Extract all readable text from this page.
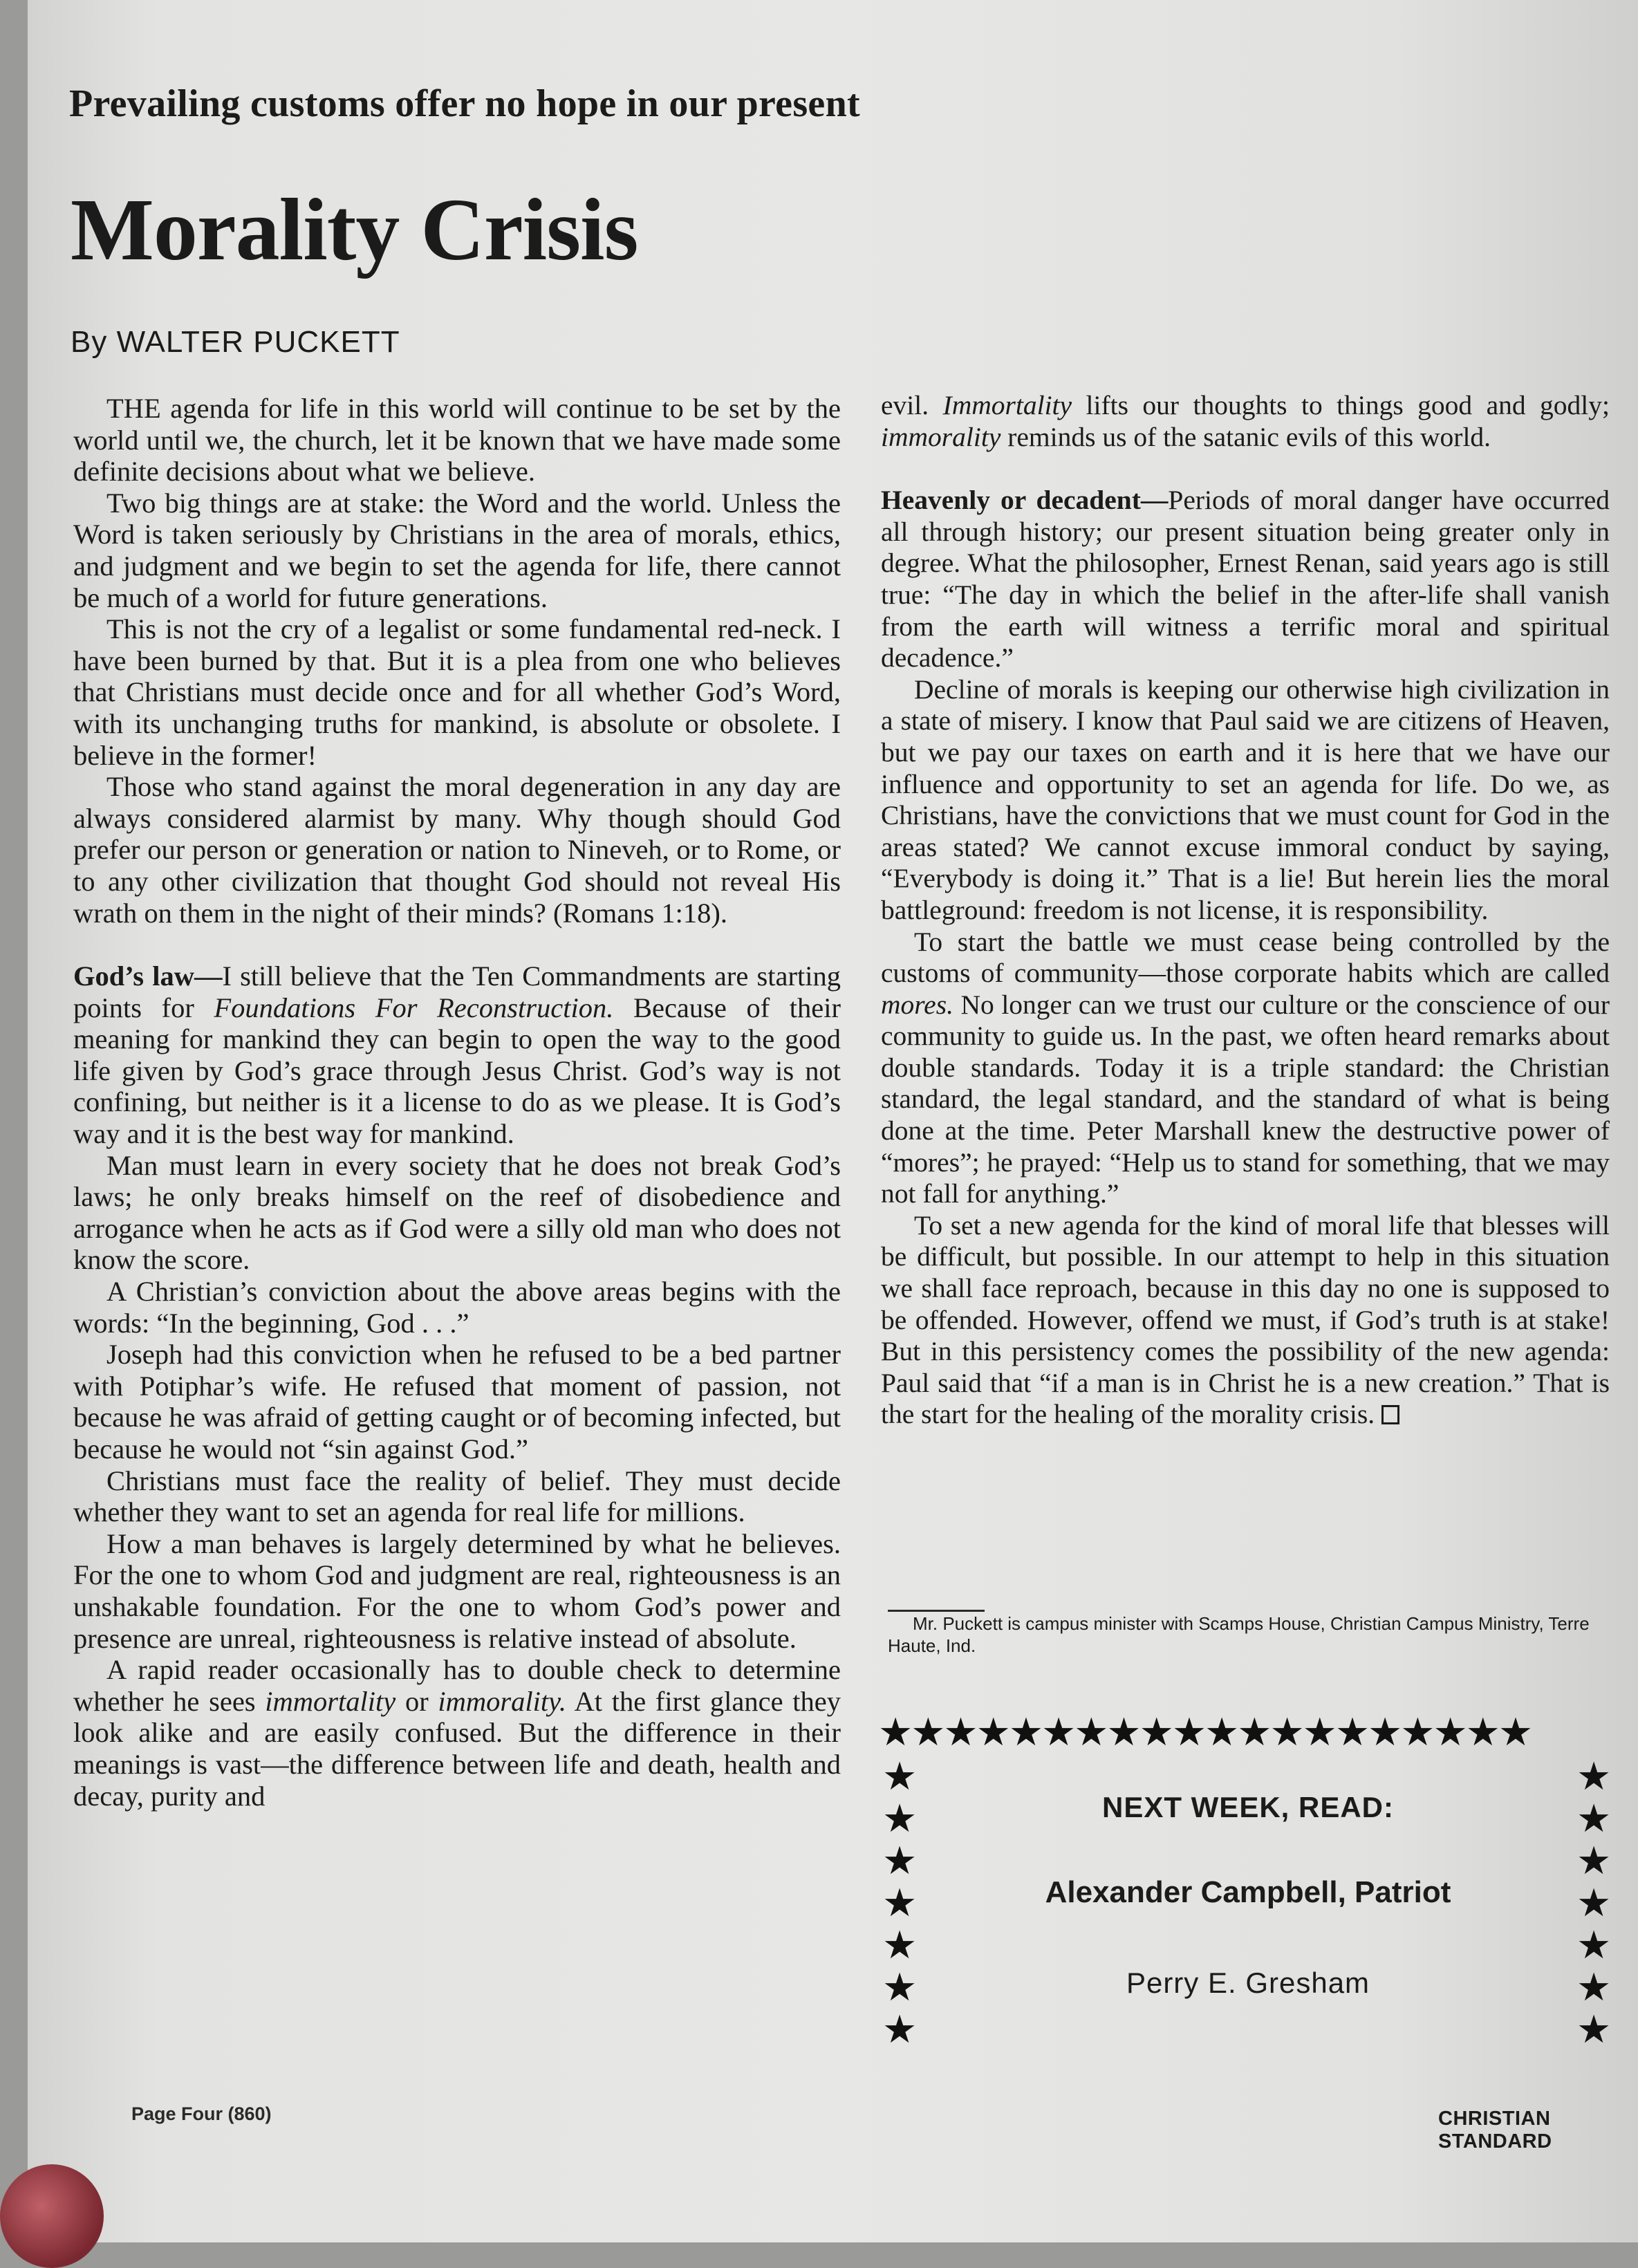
Prevailing customs offer no hope in our present
Morality Crisis
By WALTER PUCKETT

THE agenda for life in this world will continue to be set by the world until we, the church, let it be known that we have made some definite decisions about what we believe.

Two big things are at stake: the Word and the world. Unless the Word is taken seriously by Christians in the area of morals, ethics, and judgment and we begin to set the agenda for life, there cannot be much of a world for future generations.

This is not the cry of a legalist or some fundamental red-neck. I have been burned by that. But it is a plea from one who believes that Christians must decide once and for all whether God’s Word, with its unchanging truths for mankind, is absolute or obsolete. I believe in the former!

Those who stand against the moral degeneration in any day are always considered alarmist by many. Why though should God prefer our person or generation or nation to Nineveh, or to Rome, or to any other civilization that thought God should not reveal His wrath on them in the night of their minds? (Romans 1:18).

God’s law—I still believe that the Ten Commandments are starting points for Foundations For Reconstruction. Because of their meaning for mankind they can begin to open the way to the good life given by God’s grace through Jesus Christ. God’s way is not confining, but neither is it a license to do as we please. It is God’s way and it is the best way for mankind.

Man must learn in every society that he does not break God’s laws; he only breaks himself on the reef of disobedience and arrogance when he acts as if God were a silly old man who does not know the score.

A Christian’s conviction about the above areas begins with the words: “In the beginning, God . . .”

Joseph had this conviction when he refused to be a bed partner with Potiphar’s wife. He refused that moment of passion, not because he was afraid of getting caught or of becoming infected, but because he would not “sin against God.”

Christians must face the reality of belief. They must decide whether they want to set an agenda for real life for millions.

How a man behaves is largely determined by what he believes. For the one to whom God and judgment are real, righteousness is an unshakable foundation. For the one to whom God’s power and presence are unreal, righteousness is relative instead of absolute.

A rapid reader occasionally has to double check to determine whether he sees immortality or immorality. At the first glance they look alike and are easily confused. But the difference in their meanings is vast—the difference between life and death, health and decay, purity and

evil. Immortality lifts our thoughts to things good and godly; immorality reminds us of the satanic evils of this world.

Heavenly or decadent—Periods of moral danger have occurred all through history; our present situation being greater only in degree. What the philosopher, Ernest Renan, said years ago is still true: “The day in which the belief in the after-life shall vanish from the earth will witness a terrific moral and spiritual decadence.”

Decline of morals is keeping our otherwise high civilization in a state of misery. I know that Paul said we are citizens of Heaven, but we pay our taxes on earth and it is here that we have our influence and opportunity to set an agenda for life. Do we, as Christians, have the convictions that we must count for God in the areas stated? We cannot excuse immoral conduct by saying, “Everybody is doing it.” That is a lie! But herein lies the moral battleground: freedom is not license, it is responsibility.

To start the battle we must cease being controlled by the customs of community—those corporate habits which are called mores. No longer can we trust our culture or the conscience of our community to guide us. In the past, we often heard remarks about double standards. Today it is a triple standard: the Christian standard, the legal standard, and the standard of what is being done at the time. Peter Marshall knew the destructive power of “mores”; he prayed: “Help us to stand for something, that we may not fall for anything.”

To set a new agenda for the kind of moral life that blesses will be difficult, but possible. In our attempt to help in this situation we shall face reproach, because in this day no one is supposed to be offended. However, offend we must, if God’s truth is at stake! But in this persistency comes the possibility of the new agenda: Paul said that “if a man is in Christ he is a new creation.” That is the start for the healing of the morality crisis.

Mr. Puckett is campus minister with Scamps House, Christian Campus Ministry, Terre Haute, Ind.

★★★★★★★★★★★★★★★★★★★★
★
★
★
★
★
★
★
★
★
★
★
★
★
★
NEXT WEEK, READ:
Alexander Campbell, Patriot
Perry E. Gresham
Page Four (860)	CHRISTIAN STANDARD
